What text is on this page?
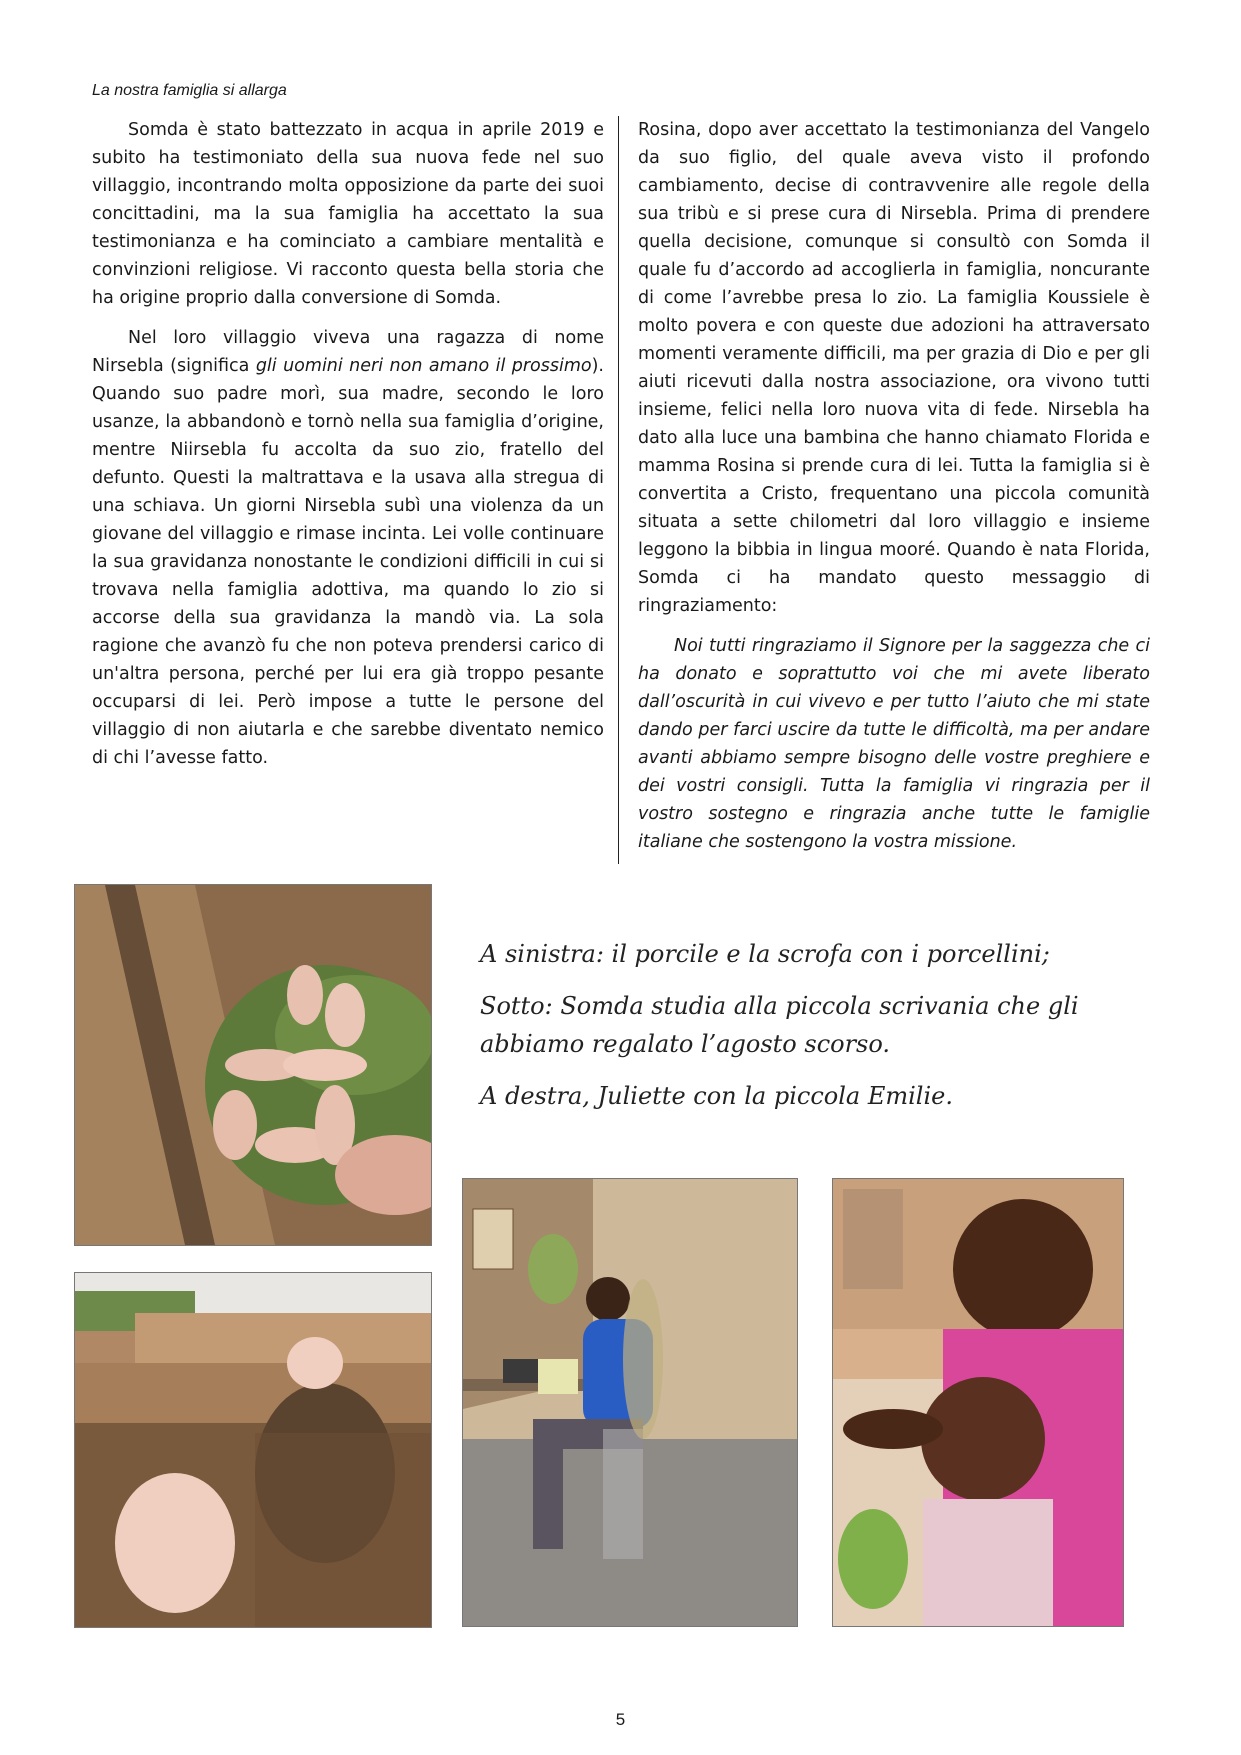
La nostra famiglia si allarga

Somda è stato battezzato in acqua in aprile 2019 e subito ha testimoniato della sua nuova fede nel suo villaggio, incontrando molta opposizione da parte dei suoi concittadini, ma la sua famiglia ha accettato la sua testimonianza e ha cominciato a cambiare mentalità e convinzioni religiose. Vi racconto questa bella storia che ha origine proprio dalla conversione di Somda.

Nel loro villaggio viveva una ragazza di nome Nirsebla (significa gli uomini neri non amano il prossimo). Quando suo padre morì, sua madre, secondo le loro usanze, la abbandonò e tornò nella sua famiglia d’origine, mentre Niirsebla fu accolta da suo zio, fratello del defunto. Questi la maltrattava e la usava alla stregua di una schiava. Un giorni Nirsebla subì una violenza da un giovane del villaggio e rimase incinta. Lei volle continuare la sua gravidanza nonostante le condizioni difficili in cui si trovava nella famiglia adottiva, ma quando lo zio si accorse della sua gravidanza la mandò via. La sola ragione che avanzò fu che non poteva prendersi carico di un'altra persona, perché per lui era già troppo pesante occuparsi di lei. Però impose a tutte le persone del villaggio di non aiutarla e che sarebbe diventato nemico di chi l’avesse fatto.

Rosina, dopo aver accettato la testimonianza del Vangelo da suo figlio, del quale aveva visto il profondo cambiamento, decise di contravvenire alle regole della sua tribù e si prese cura di Nirsebla. Prima di prendere quella decisione, comunque si consultò con Somda il quale fu d’accordo ad accoglierla in famiglia, noncurante di come l’avrebbe presa lo zio. La famiglia Koussiele è molto povera e con queste due adozioni ha attraversato momenti veramente difficili, ma per grazia di Dio e per gli aiuti ricevuti dalla nostra associazione, ora vivono tutti insieme, felici nella loro nuova vita di fede. Nirsebla ha dato alla luce una bambina che hanno chiamato Florida e mamma Rosina si prende cura di lei. Tutta la famiglia si è convertita a Cristo, frequentano una piccola comunità situata a sette chilometri dal loro villaggio e insieme leggono la bibbia in lingua mooré. Quando è nata Florida, Somda ci ha mandato questo messaggio di ringraziamento:

Noi tutti ringraziamo il Signore per la saggezza che ci ha donato e soprattutto voi che mi avete liberato dall’oscurità in cui vivevo e per tutto l’aiuto che mi state dando per farci uscire da tutte le difficoltà, ma per andare avanti abbiamo sempre bisogno delle vostre preghiere e dei vostri consigli. Tutta la famiglia vi ringrazia per il vostro sostegno e ringrazia anche tutte le famiglie italiane che sostengono la vostra missione.

A sinistra: il porcile e la scrofa con i porcellini;

Sotto: Somda studia alla piccola scrivania che gli abbiamo regalato l’agosto scorso.

A destra, Juliette con la piccola Emilie.

5
